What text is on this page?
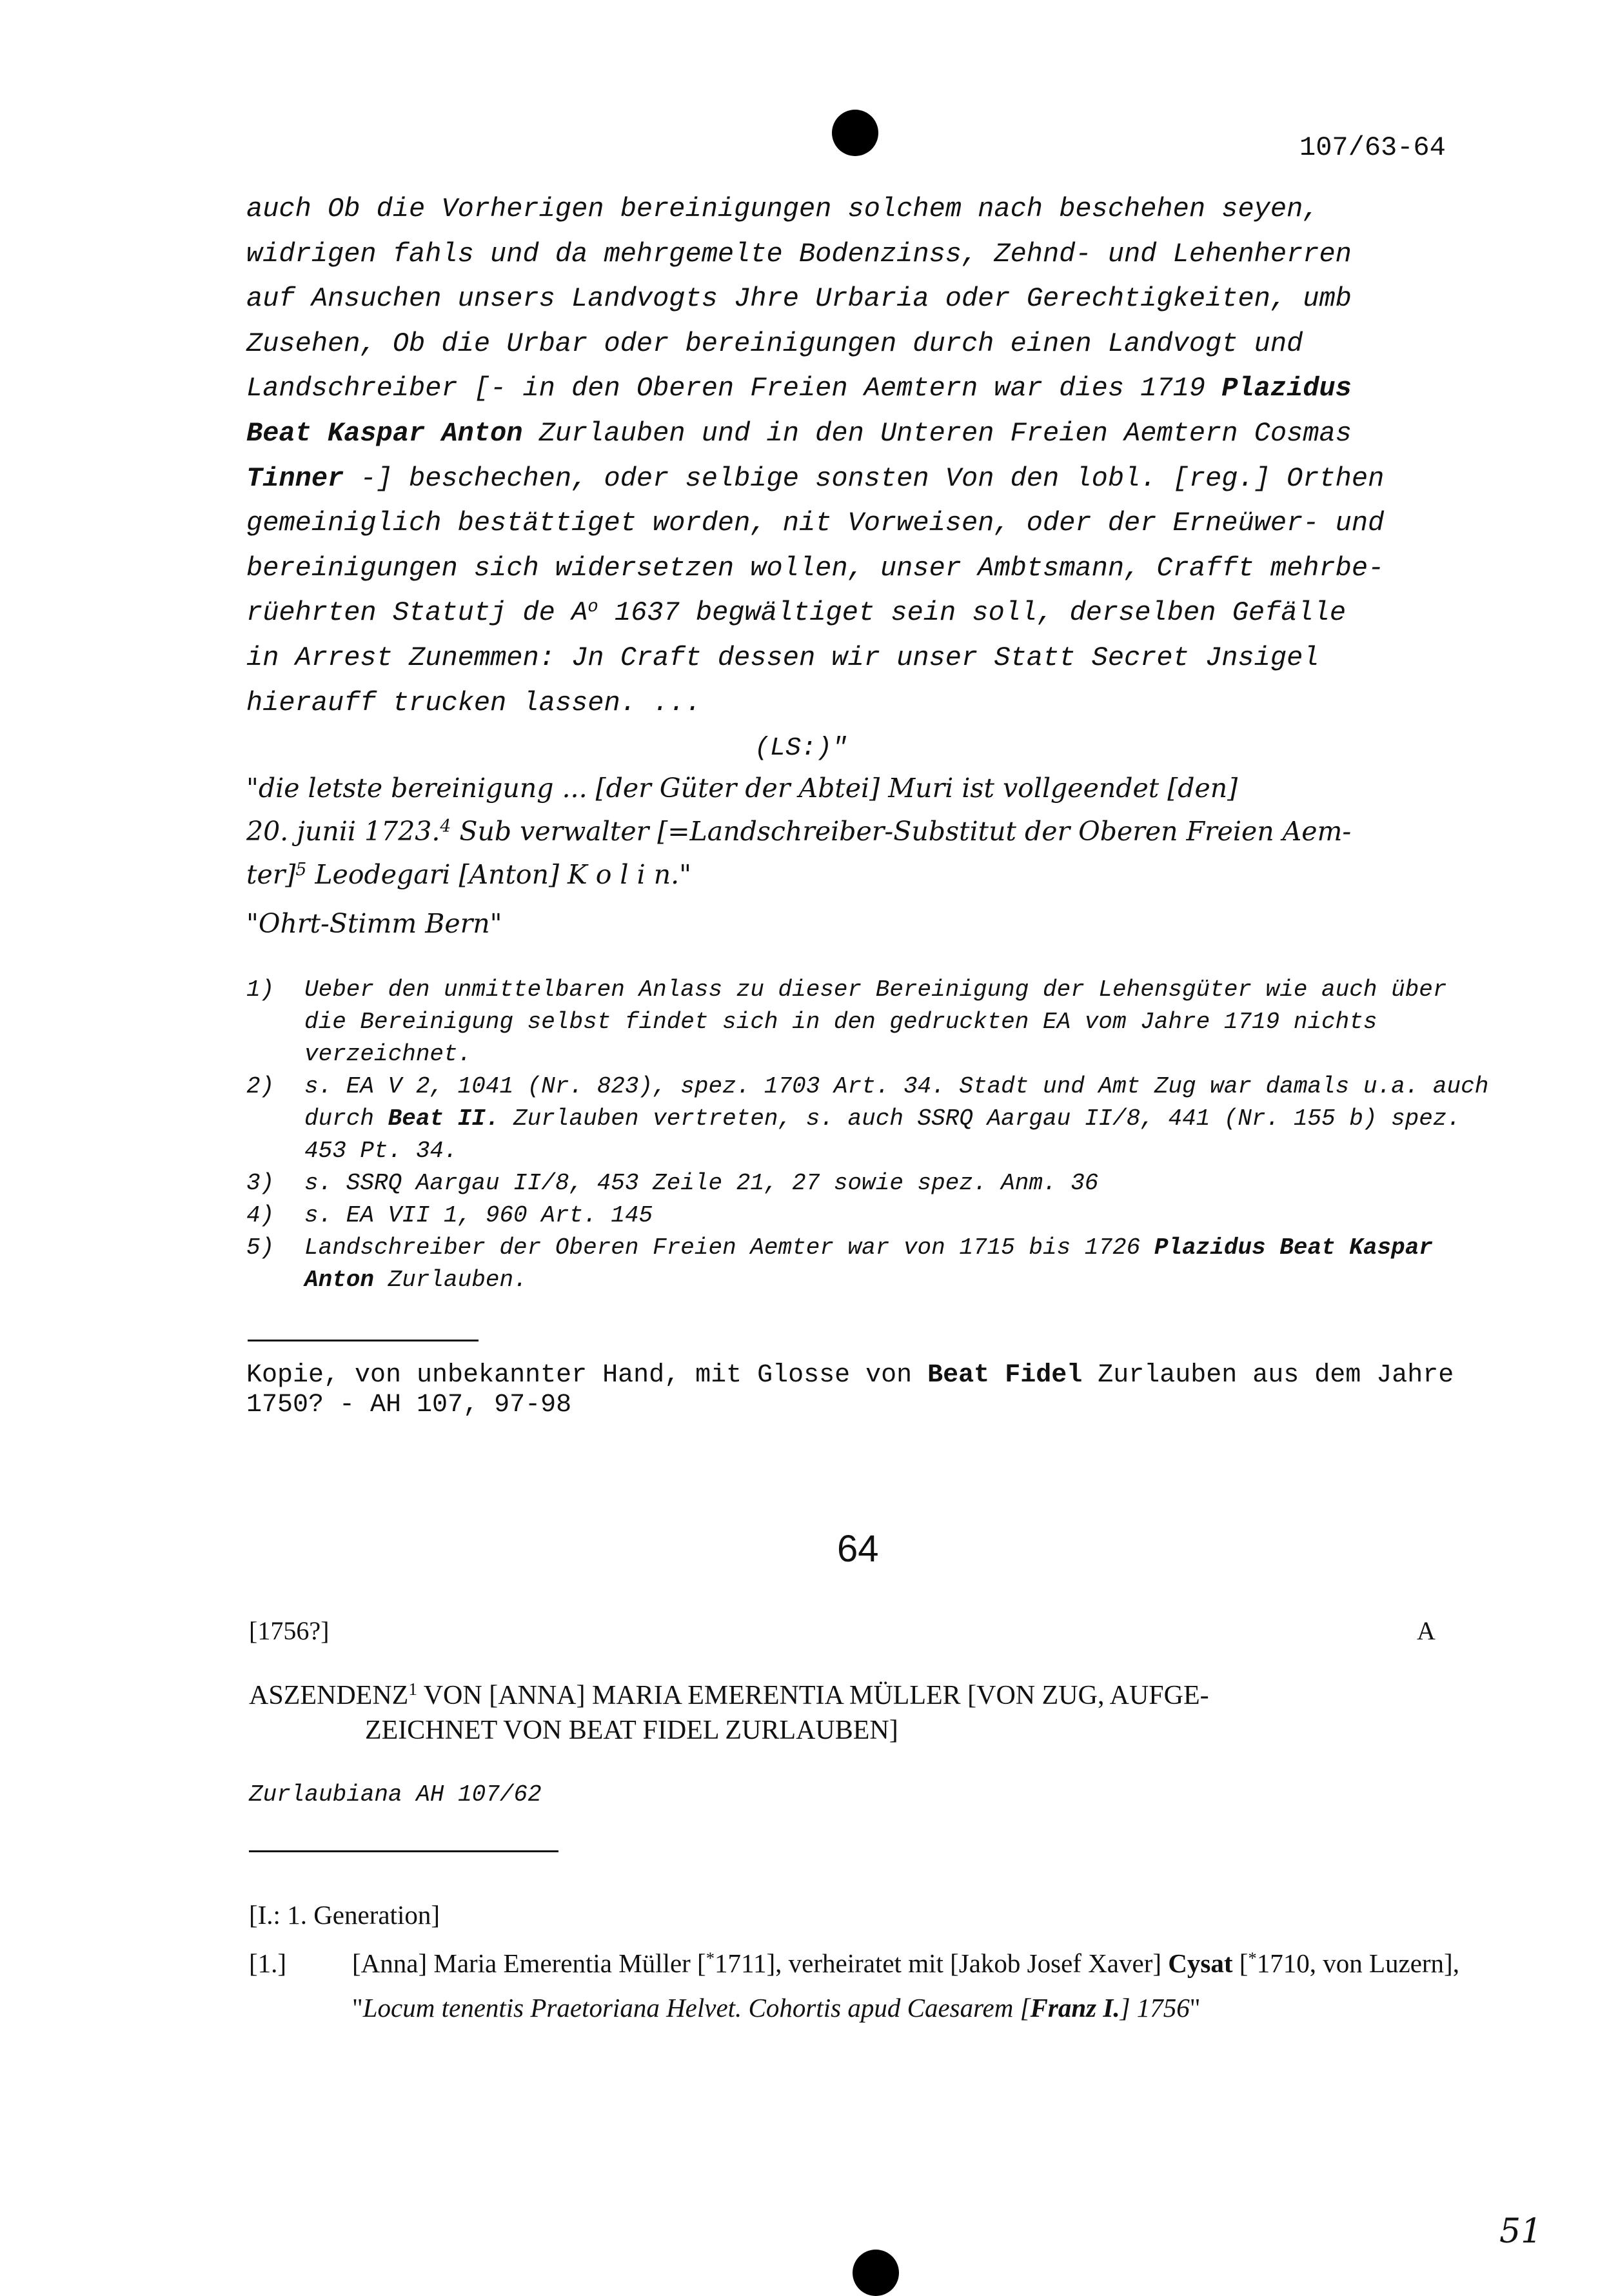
107/63-64
auch Ob die Vorherigen bereinigungen solchem nach beschehen seyen,
widrigen fahls und da mehrgemelte Bodenzinss, Zehnd- und Lehenherren
auf Ansuchen unsers Landvogts Jhre Urbaria oder Gerechtigkeiten, umb
Zusehen, Ob die Urbar oder bereinigungen durch einen Landvogt und
Landschreiber [- in den Oberen Freien Aemtern war dies 1719 Plazidus
Beat Kaspar Anton Zurlauben und in den Unteren Freien Aemtern Cosmas
Tinner -] beschechen, oder selbige sonsten Von den lobl. [reg.] Orthen
gemeiniglich bestättiget worden, nit Vorweisen, oder der Erneüwer- und
bereinigungen sich widersetzen wollen, unser Ambtsmann, Crafft mehrbe-
rüehrten Statutj de $A^o$ 1637 begwältiget sein soll, derselben Gefälle
in Arrest Zunemmen: Jn Craft dessen wir unser Statt Secret Jnsigel
hierauff trucken lassen. ...
(LS:)"
"die letste bereinigung ... [der Güter der Abtei] Muri ist vollgeendet [den]
20. junii 1723.$^4$ Sub verwalter [=Landschreiber-Substitut der Oberen Freien Aem-
ter]$^5$ Leodegari [Anton] K o l i n."
"Ohrt-Stimm Bern"
1)	Ueber den unmittelbaren Anlass zu dieser Bereinigung der Lehensgüter wie auch über die Bereinigung selbst findet sich in den gedruckten EA vom Jahre 1719 nichts verzeichnet.
2)	s. EA V 2, 1041 (Nr. 823), spez. 1703 Art. 34. Stadt und Amt Zug war damals u.a. auch durch Beat II. Zurlauben vertreten, s. auch SSRQ Aargau II/8, 441 (Nr. 155 b) spez. 453 Pt. 34.
3)	s. SSRQ Aargau II/8, 453 Zeile 21, 27 sowie spez. Anm. 36
4)	s. EA VII 1, 960 Art. 145
5)	Landschreiber der Oberen Freien Aemter war von 1715 bis 1726 Plazidus Beat Kaspar Anton Zurlauben.
Kopie, von unbekannter Hand, mit Glosse von Beat Fidel Zurlauben aus dem Jahre 1750? - AH 107, 97-98
64
[1756?]	A
ASZENDENZ$^1$ VON [ANNA] MARIA EMERENTIA MÜLLER [VON ZUG, AUFGE-
ZEICHNET VON BEAT FIDEL ZURLAUBEN]
Zurlaubiana AH 107/62
[I.: 1. Generation]
[1.]	[Anna] Maria Emerentia Müller [*1711], verheiratet mit [Jakob Josef Xaver] Cysat [*1710, von Luzern], "Locum tenentis Praetoriana Helvet. Cohortis apud Caesarem [Franz I.] 1756"
51
